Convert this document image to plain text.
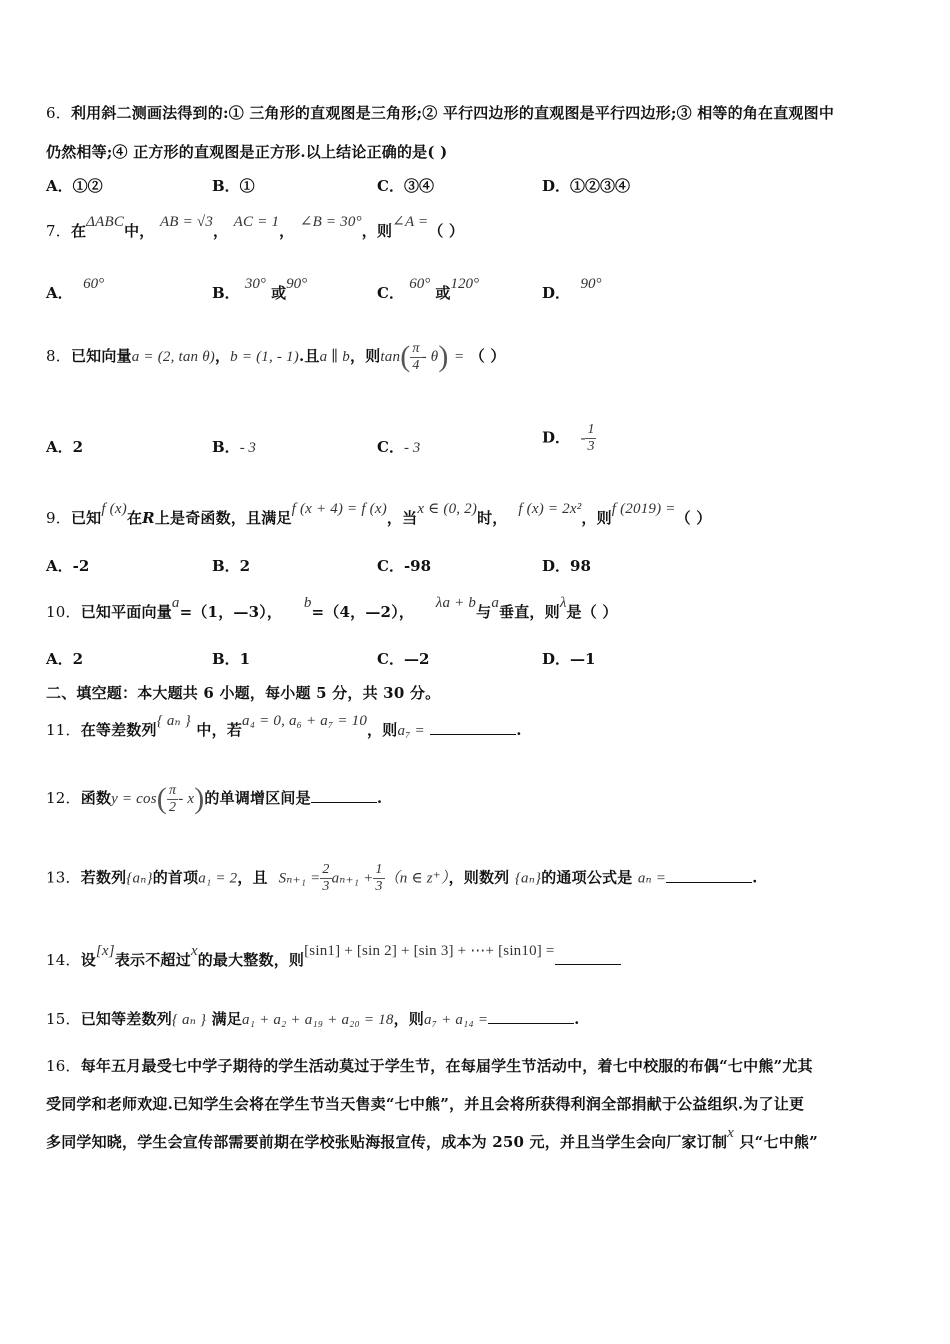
6．利用斜二测画法得到的:① 三角形的直观图是三角形;② 平行四边形的直观图是平行四边形;③ 相等的角在直观图中
仍然相等;④ 正方形的直观图是正方形.以上结论正确的是( )
A．①②	B．①	C．③④	D．①②③④
7．在ΔABC中， AB = √3， AC = 1， ∠B = 30°，则∠A =（ ）
A． 60°	B． 30° 或90°	C． 60° 或120°	D． 90°
8．已知向量a = (2, tan θ)，b = (1, - 1).且a ∥ b，则$\tan( \frac{\pi}{4} - \theta)$ = （ ）
A．2	B．- 3	C．- 3
D． - $\frac{1}{3}$
9．已知f (x)在R上是奇函数，且满足f (x + 4) = f (x)，当x ∈ (0, 2)时， f (x) = 2x²，则f (2019) =（ ）
A．-2	B．2	C．-98	D．98
10．已知平面向量a=（1，—3）， b=（4，—2）， λa + b与a垂直，则λ是（ ）
A．2	B．1	C．—2	D．—1
二、填空题：本大题共 6 小题，每小题 5 分，共 30 分。
11．在等差数列{ aₙ } 中，若a₄ = 0, a₆ + a₇ = 10，则a₇ =	.
12．函数$y = \cos( \frac{\pi}{2} - x)$的单调增区间是	.
13．若数列{aₙ}的首项a₁ = 2，且 $S_{n+1} = \frac{2}{3} a_{n+1} + \frac{1}{3} (n$ ∈ z⁺），则数列 {aₙ}的通项公式是 aₙ =	.
14．设[x]表示不超过x的最大整数，则[sin1] + [sin 2] + [sin 3] + ⋯+ [sin10] =
15．已知等差数列{ aₙ } 满足a₁ + a₂ + a₁₉ + a₂₀ = 18，则a₇ + a₁₄ =	.
16．每年五月最受七中学子期待的学生活动莫过于学生节，在每届学生节活动中，着七中校服的布偶“七中熊”尤其
受同学和老师欢迎.已知学生会将在学生节当天售卖“七中熊”，并且会将所获得利润全部捐献于公益组织.为了让更
多同学知晓，学生会宣传部需要前期在学校张贴海报宣传，成本为 250 元，并且当学生会向厂家订制x 只“七中熊”
